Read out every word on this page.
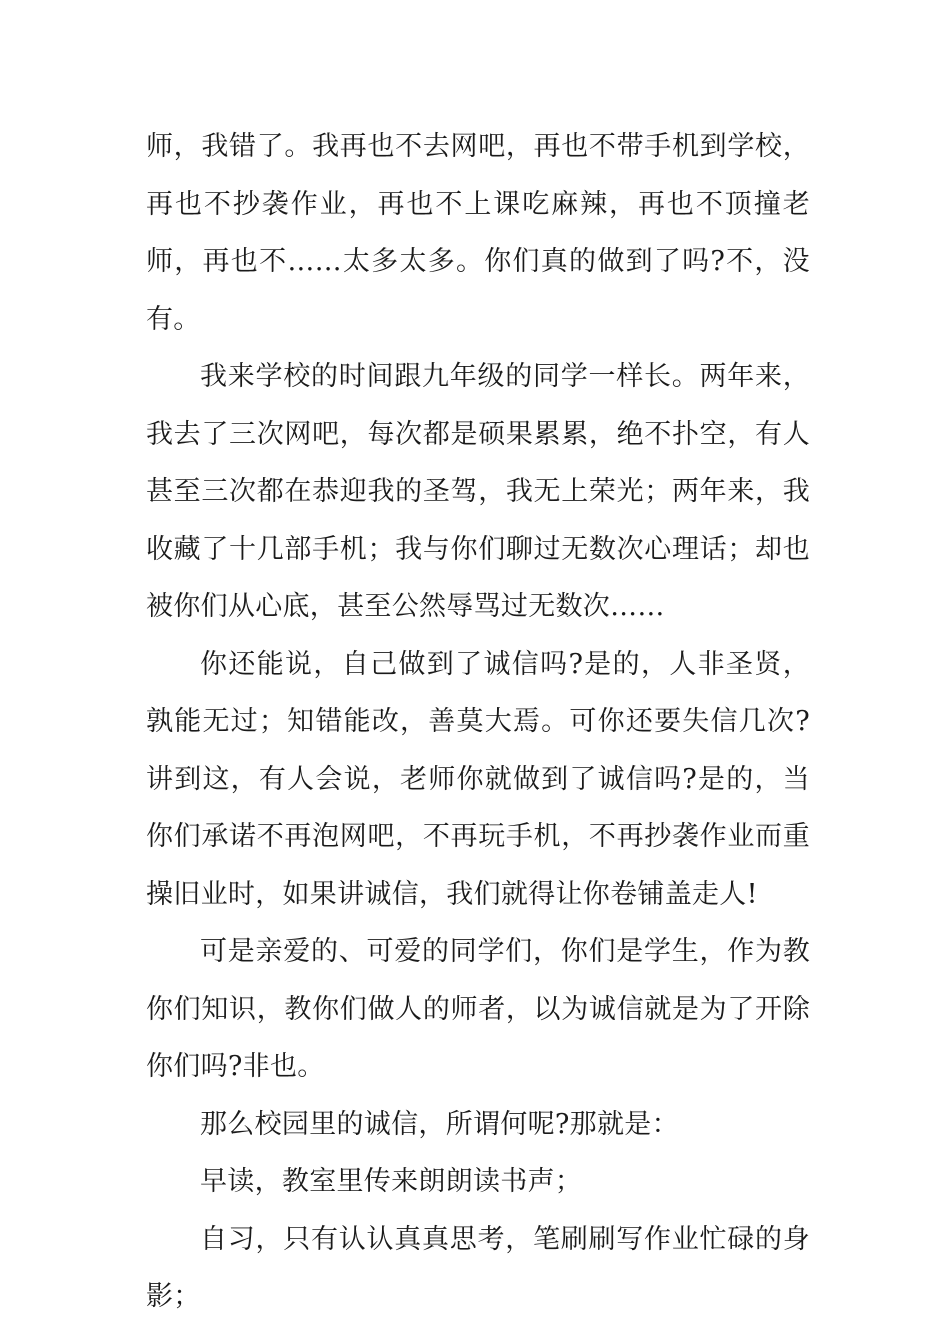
师，我错了。我再也不去网吧，再也不带手机到学校，再也不抄袭作业，再也不上课吃麻辣，再也不顶撞老师，再也不……太多太多。你们真的做到了吗?不，没有。

我来学校的时间跟九年级的同学一样长。两年来，我去了三次网吧，每次都是硕果累累，绝不扑空，有人甚至三次都在恭迎我的圣驾，我无上荣光；两年来，我收藏了十几部手机；我与你们聊过无数次心理话；却也被你们从心底，甚至公然辱骂过无数次……

你还能说，自己做到了诚信吗?是的，人非圣贤，孰能无过；知错能改，善莫大焉。可你还要失信几次?讲到这，有人会说，老师你就做到了诚信吗?是的，当你们承诺不再泡网吧，不再玩手机，不再抄袭作业而重操旧业时，如果讲诚信，我们就得让你卷铺盖走人!

可是亲爱的、可爱的同学们，你们是学生，作为教你们知识，教你们做人的师者，以为诚信就是为了开除你们吗?非也。

那么校园里的诚信，所谓何呢?那就是：

早读，教室里传来朗朗读书声；

自习，只有认认真真思考，笔刷刷写作业忙碌的身影；
